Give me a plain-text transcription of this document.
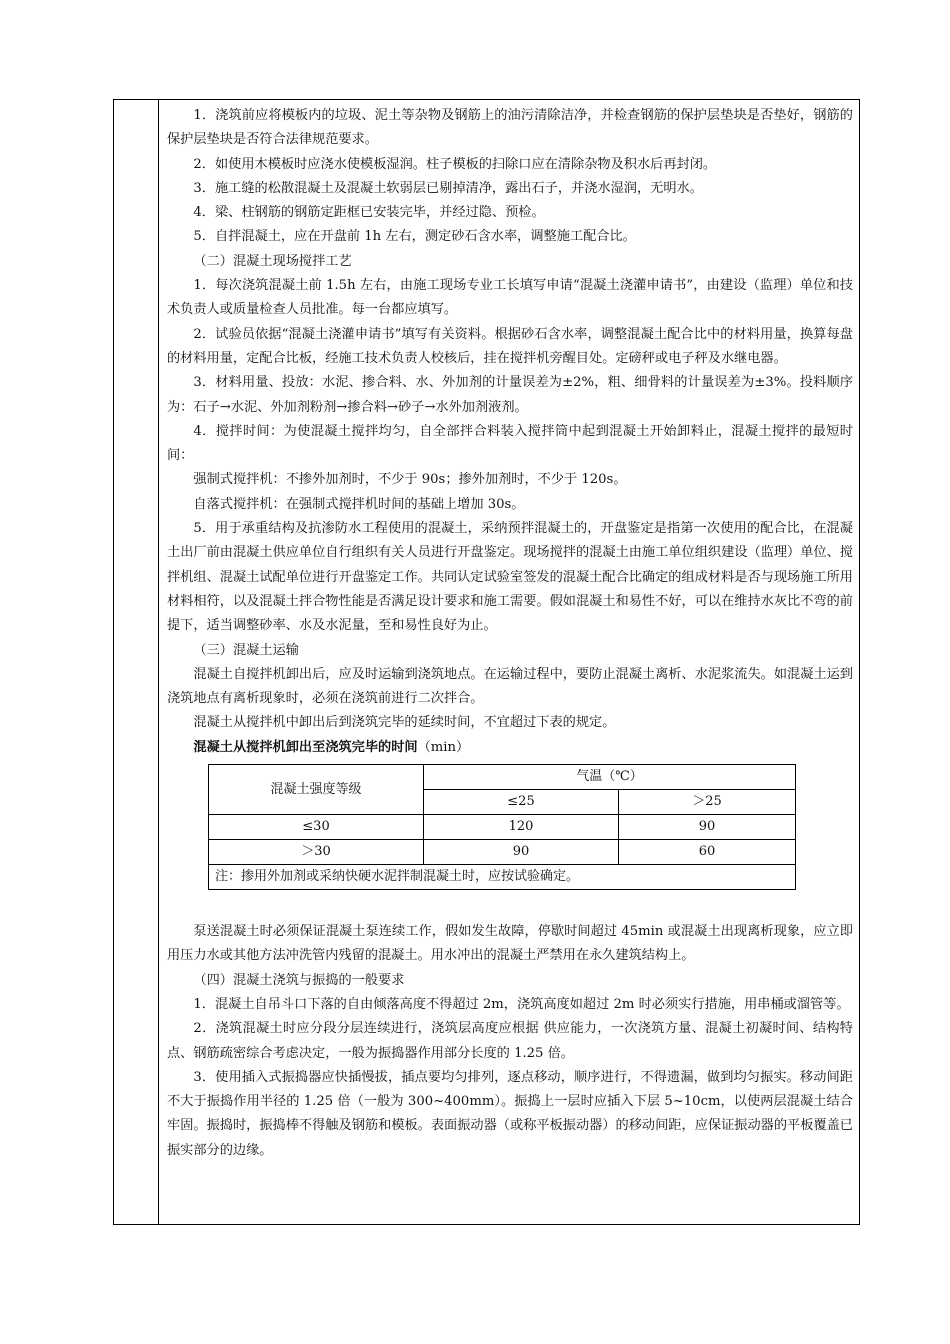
1．浇筑前应将模板内的垃圾、泥土等杂物及钢筋上的油污清除洁净，并检查钢筋的保护层垫块是否垫好，钢筋的保护层垫块是否符合法律规范要求。

2．如使用木模板时应浇水使模板湿润。柱子模板的扫除口应在清除杂物及积水后再封闭。

3．施工缝的松散混凝土及混凝土软弱层已剔掉清净，露出石子，并浇水湿润，无明水。

4．梁、柱钢筋的钢筋定距框已安装完毕，并经过隐、预检。

5．自拌混凝土，应在开盘前 1h 左右，测定砂石含水率，调整施工配合比。

（二）混凝土现场搅拌工艺

1．每次浇筑混凝土前 1.5h 左右，由施工现场专业工长填写申请“混凝土浇灌申请书”，由建设（监理）单位和技术负责人或质量检查人员批准。每一台都应填写。

2．试验员依据“混凝土浇灌申请书”填写有关资料。根据砂石含水率，调整混凝土配合比中的材料用量，换算每盘的材料用量，定配合比板，经施工技术负责人校核后，挂在搅拌机旁醒目处。定磅秤或电子秤及水继电器。

3．材料用量、投放：水泥、掺合料、水、外加剂的计量误差为±2%，粗、细骨料的计量误差为±3%。投料顺序为：石子→水泥、外加剂粉剂→掺合料→砂子→水外加剂液剂。

4．搅拌时间：为使混凝土搅拌均匀，自全部拌合料装入搅拌筒中起到混凝土开始卸料止，混凝土搅拌的最短时间：

强制式搅拌机：不掺外加剂时，不少于 90s；掺外加剂时，不少于 120s。

自落式搅拌机：在强制式搅拌机时间的基础上增加 30s。

5．用于承重结构及抗渗防水工程使用的混凝土，采纳预拌混凝土的，开盘鉴定是指第一次使用的配合比，在混凝土出厂前由混凝土供应单位自行组织有关人员进行开盘鉴定。现场搅拌的混凝土由施工单位组织建设（监理）单位、搅拌机组、混凝土试配单位进行开盘鉴定工作。共同认定试验室签发的混凝土配合比确定的组成材料是否与现场施工所用材料相符，以及混凝土拌合物性能是否满足设计要求和施工需要。假如混凝土和易性不好，可以在维持水灰比不弯的前提下，适当调整砂率、水及水泥量，至和易性良好为止。

（三）混凝土运输

混凝土自搅拌机卸出后，应及时运输到浇筑地点。在运输过程中，要防止混凝土离析、水泥浆流失。如混凝土运到浇筑地点有离析现象时，必须在浇筑前进行二次拌合。

混凝土从搅拌机中卸出后到浇筑完毕的延续时间，不宜超过下表的规定。

混凝土从搅拌机卸出至浇筑完毕的时间（min）

混凝土强度等级	气温（℃）	
	≤25	＞25
≤30	120	90
＞30	90	60
注：掺用外加剂或采纳快硬水泥拌制混凝土时，应按试验确定。		

泵送混凝土时必须保证混凝土泵连续工作，假如发生故障，停歇时间超过 45min 或混凝土出现离析现象，应立即用压力水或其他方法冲洗管内残留的混凝土。用水冲出的混凝土严禁用在永久建筑结构上。

（四）混凝土浇筑与振捣的一般要求

1．混凝土自吊斗口下落的自由倾落高度不得超过 2m，浇筑高度如超过 2m 时必须实行措施，用串桶或溜管等。

2．浇筑混凝土时应分段分层连续进行，浇筑层高度应根据 供应能力，一次浇筑方量、混凝土初凝时间、结构特点、钢筋疏密综合考虑决定，一般为振捣器作用部分长度的 1.25 倍。

3．使用插入式振捣器应快插慢拔，插点要均匀排列，逐点移动，顺序进行，不得遗漏，做到均匀振实。移动间距不大于振捣作用半径的 1.25 倍（一般为 300~400mm）。振捣上一层时应插入下层 5~10cm，以使两层混凝土结合牢固。振捣时，振捣棒不得触及钢筋和模板。表面振动器（或称平板振动器）的移动间距，应保证振动器的平板覆盖已振实部分的边缘。
